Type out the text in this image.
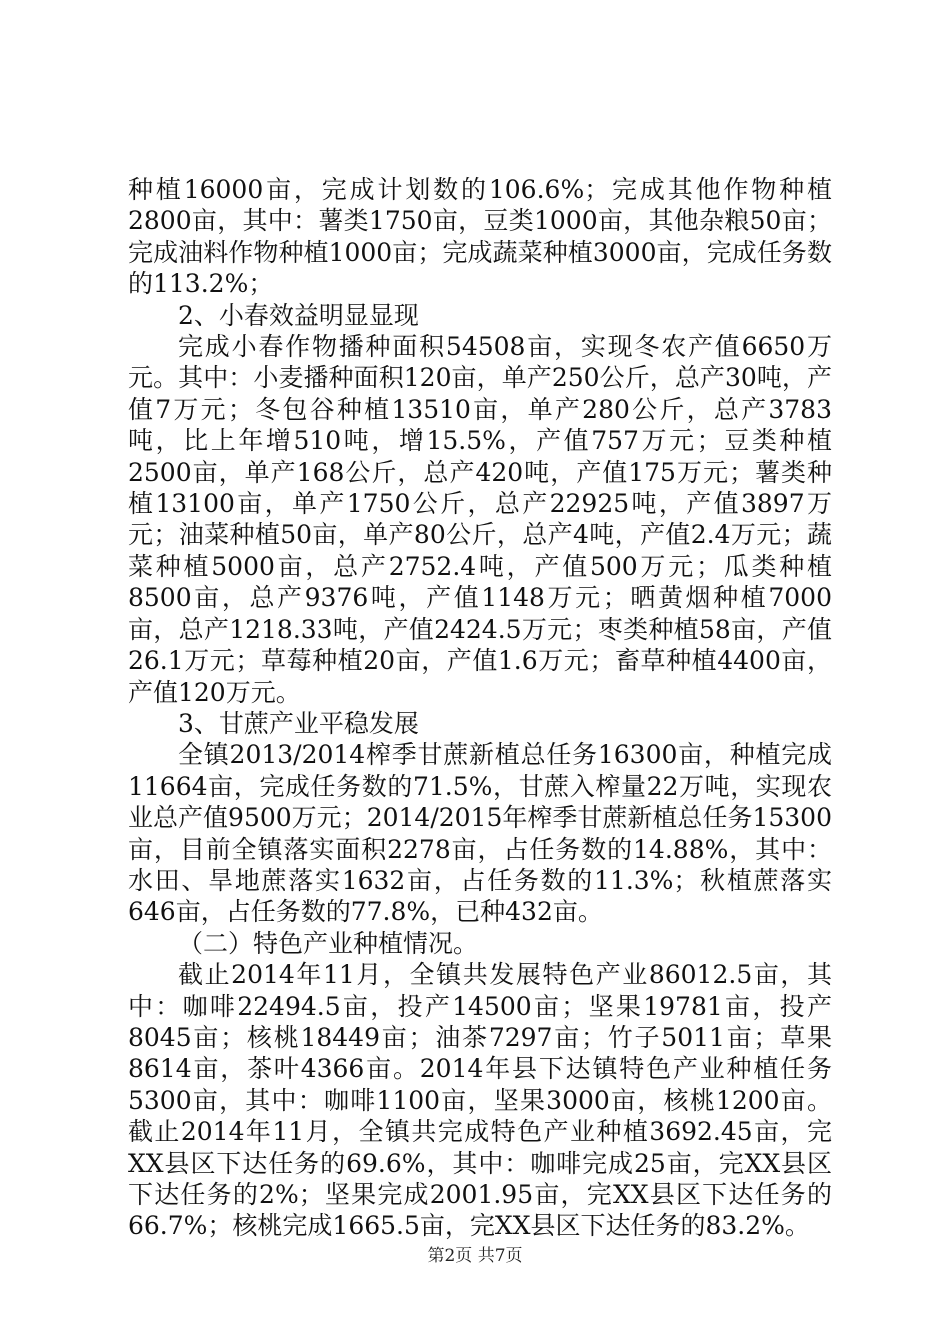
种植16000亩，完成计划数的106.6%；完成其他作物种植2800亩，其中：薯类1750亩，豆类1000亩，其他杂粮50亩；完成油料作物种植1000亩；完成蔬菜种植3000亩，完成任务数的113.2%；

2、小春效益明显显现

完成小春作物播种面积54508亩，实现冬农产值6650万元。其中：小麦播种面积120亩，单产250公斤，总产30吨，产值7万元；冬包谷种植13510亩，单产280公斤，总产3783吨，比上年增510吨，增15.5%，产值757万元；豆类种植2500亩，单产168公斤，总产420吨，产值175万元；薯类种植13100亩，单产1750公斤，总产22925吨，产值3897万元；油菜种植50亩，单产80公斤，总产4吨，产值2.4万元；蔬菜种植5000亩，总产2752.4吨，产值500万元；瓜类种植8500亩，总产9376吨，产值1148万元；晒黄烟种植7000亩，总产1218.33吨，产值2424.5万元；枣类种植58亩，产值26.1万元；草莓种植20亩，产值1.6万元；畜草种植4400亩，产值120万元。

3、甘蔗产业平稳发展

全镇2013/2014榨季甘蔗新植总任务16300亩，种植完成11664亩，完成任务数的71.5%，甘蔗入榨量22万吨，实现农业总产值9500万元；2014/2015年榨季甘蔗新植总任务15300亩，目前全镇落实面积2278亩，占任务数的14.88%，其中：水田、旱地蔗落实1632亩，占任务数的11.3%；秋植蔗落实646亩，占任务数的77.8%，已种432亩。

（二）特色产业种植情况。

截止2014年11月，全镇共发展特色产业86012.5亩，其中：咖啡22494.5亩，投产14500亩；坚果19781亩，投产8045亩；核桃18449亩；油茶7297亩；竹子5011亩；草果8614亩，茶叶4366亩。2014年县下达镇特色产业种植任务5300亩，其中：咖啡1100亩，坚果3000亩，核桃1200亩。截止2014年11月，全镇共完成特色产业种植3692.45亩，完XX县区下达任务的69.6%，其中：咖啡完成25亩，完XX县区下达任务的2%；坚果完成2001.95亩，完XX县区下达任务的66.7%；核桃完成1665.5亩，完XX县区下达任务的83.2%。

第2页 共7页
